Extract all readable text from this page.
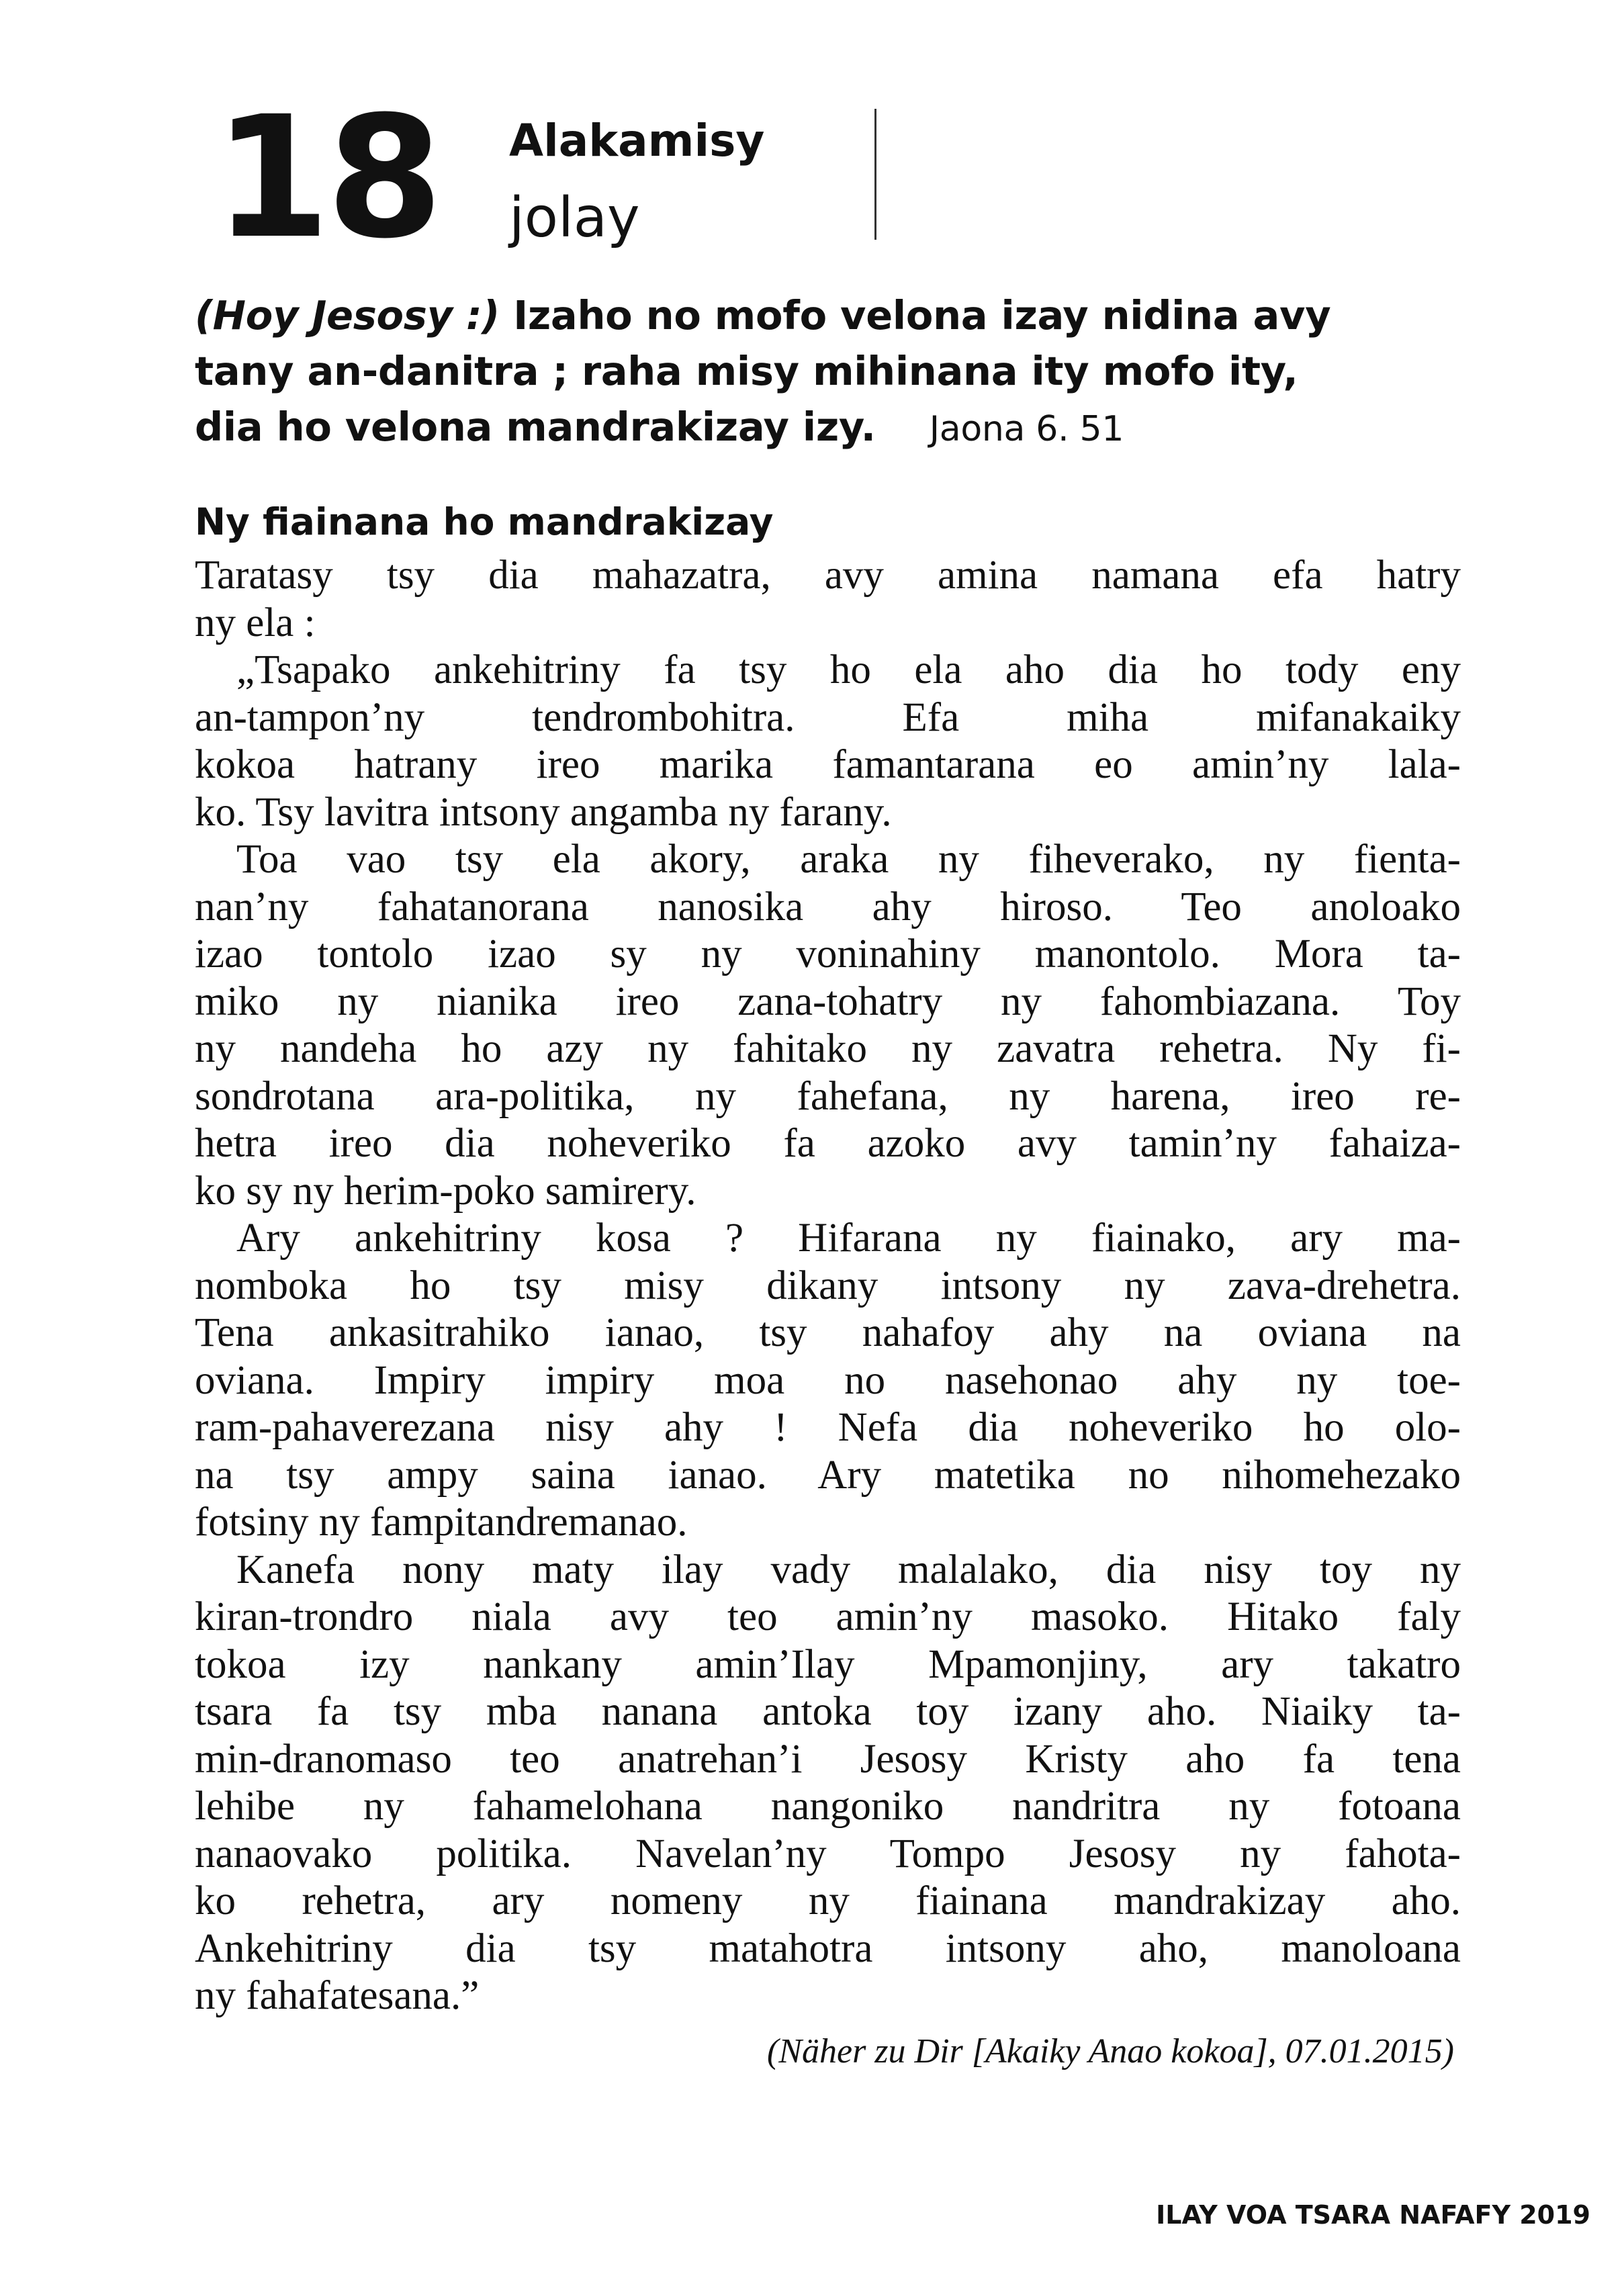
18 Alakamisy
jolay
(Hoy Jesosy :) Izaho no mofo velona izay nidina avy
tany an-danitra ; raha misy mihinana ity mofo ity,
dia ho velona mandrakizay izy. Jaona 6. 51
Ny fiainana ho mandrakizay
Taratasy tsy dia mahazatra, avy amina namana efa hatry
ny ela :
„Tsapako ankehitriny fa tsy ho ela aho dia ho tody eny
an-tampon’ny tendrombohitra. Efa miha mifanakaiky
kokoa hatrany ireo marika famantarana eo amin’ny lala-
ko. Tsy lavitra intsony angamba ny farany.
Toa vao tsy ela akory, araka ny fiheverako, ny fienta-
nan’ny fahatanorana nanosika ahy hiroso. Teo anoloako
izao tontolo izao sy ny voninahiny manontolo. Mora ta-
miko ny nianika ireo zana-tohatry ny fahombiazana. Toy
ny nandeha ho azy ny fahitako ny zavatra rehetra. Ny fi-
sondrotana ara-politika, ny fahefana, ny harena, ireo re-
hetra ireo dia noheveriko fa azoko avy tamin’ny fahaiza-
ko sy ny herim-poko samirery.
Ary ankehitriny kosa ? Hifarana ny fiainako, ary ma-
nomboka ho tsy misy dikany intsony ny zava-drehetra.
Tena ankasitrahiko ianao, tsy nahafoy ahy na oviana na
oviana. Impiry impiry moa no nasehonao ahy ny toe-
ram-pahaverezana nisy ahy ! Nefa dia noheveriko ho olo-
na tsy ampy saina ianao. Ary matetika no nihomehezako
fotsiny ny fampitandremanao.
Kanefa nony maty ilay vady malalako, dia nisy toy ny
kiran-trondro niala avy teo amin’ny masoko. Hitako faly
tokoa izy nankany amin’Ilay Mpamonjiny, ary takatro
tsara fa tsy mba nanana antoka toy izany aho. Niaiky ta-
min-dranomaso teo anatrehan’i Jesosy Kristy aho fa tena
lehibe ny fahamelohana nangoniko nandritra ny fotoana
nanaovako politika. Navelan’ny Tompo Jesosy ny fahota-
ko rehetra, ary nomeny ny fiainana mandrakizay aho.
Ankehitriny dia tsy matahotra intsony aho, manoloana
ny fahafatesana.”
(Näher zu Dir [Akaiky Anao kokoa], 07.01.2015)
ILAY VOA TSARA NAFAFY 2019
